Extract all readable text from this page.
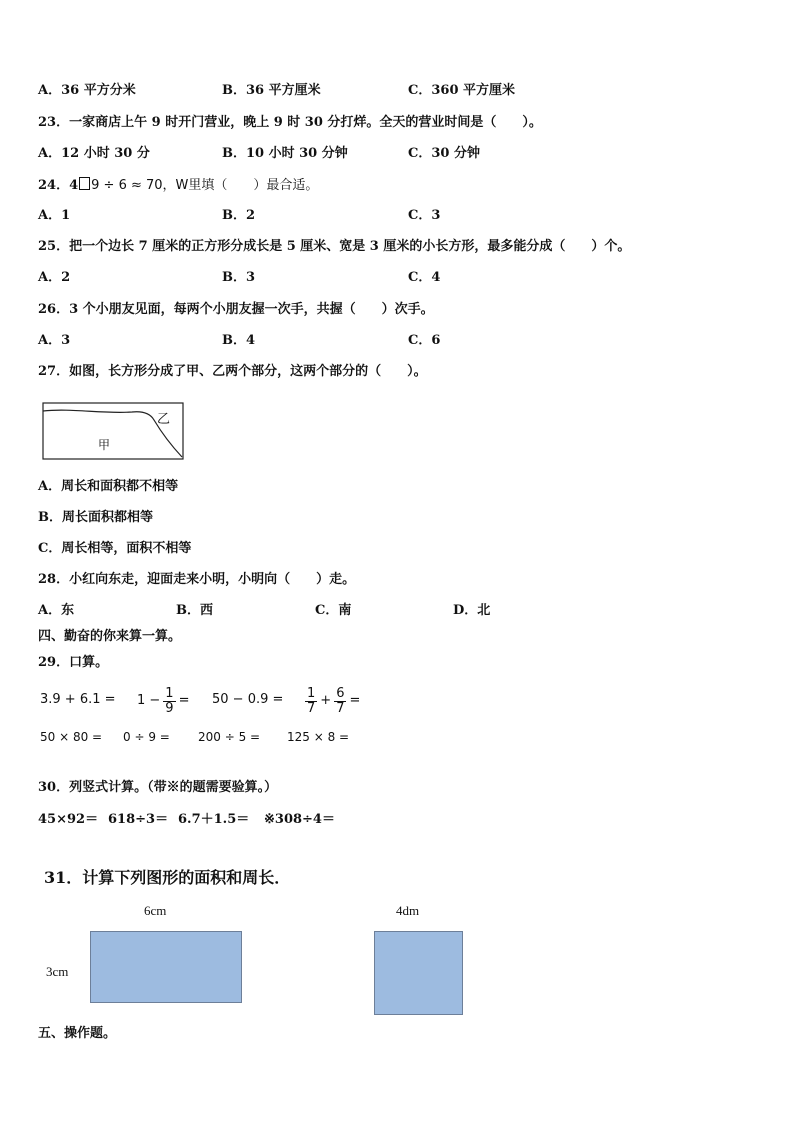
A．36 平方分米	B．36 平方厘米	C．360 平方厘米
23．一家商店上午 9 时开门营业，晚上 9 时 30 分打烊。全天的营业时间是（　　）。
A．12 小时 30 分	B．10 小时 30 分钟	C．30 分钟
24．4 9 ÷ 6 ≈ 70，W里填（　　）最合适。
A．1	B．2	C．3
25．把一个边长 7 厘米的正方形分成长是 5 厘米、宽是 3 厘米的小长方形，最多能分成（　　）个。
A．2	B．3	C．4
26．3 个小朋友见面，每两个小朋友握一次手，共握（　　）次手。
A．3	B．4	C．6
27．如图，长方形分成了甲、乙两个部分，这两个部分的（　　）。
甲
乙
A．周长和面积都不相等
B．周长面积都相等
C．周长相等，面积不相等
28．小红向东走，迎面走来小明，小明向（　　）走。
A．东	B．西	C．南	D．北
四、勤奋的你来算一算。
29．口算。
$3.9 + 6.1 = 1 - \frac{1}{9} = 50 - 0.9 = \frac{1}{7} + \frac{6}{7}$ =
50 × 80 = 0 ÷ 9 = 200 ÷ 5 = 125 × 8 =
30．列竖式计算。（带※的题需要验算。）
45×92＝ 618÷3＝ 6.7＋1.5＝ ※308÷4＝
31．计算下列图形的面积和周长．
6cm
3cm
4dm
五、操作题。
